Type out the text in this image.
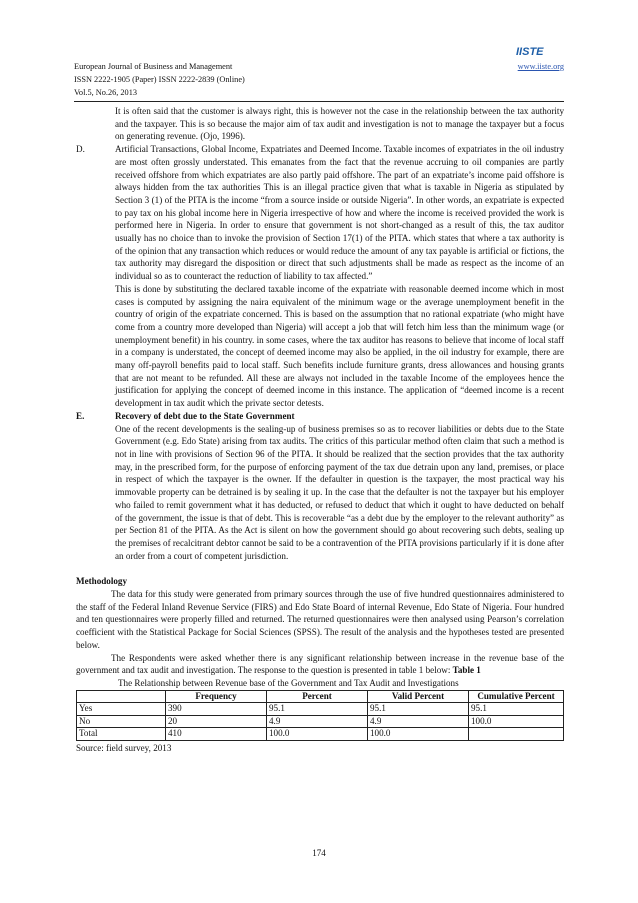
European Journal of Business and Management	www.iiste.org
ISSN 2222-1905 (Paper) ISSN 2222-2839 (Online)
Vol.5, No.26, 2013
IISTE
It is often said that the customer is always right, this is however not the case in the relationship between the tax authority and the taxpayer. This is so because the major aim of tax audit and investigation is not to manage the taxpayer but a focus on generating revenue. (Ojo, 1996).
D.	Artificial Transactions, Global Income, Expatriates and Deemed Income. Taxable incomes of expatriates in the oil industry are most often grossly understated. This emanates from the fact that the revenue accruing to oil companies are partly received offshore from which expatriates are also partly paid offshore. The part of an expatriate’s income paid offshore is always hidden from the tax authorities This is an illegal practice given that what is taxable in Nigeria as stipulated by Section 3 (1) of the PITA is the income “from a source inside or outside Nigeria”. In other words, an expatriate is expected to pay tax on his global income here in Nigeria irrespective of how and where the income is received provided the work is performed here in Nigeria. In order to ensure that government is not short-changed as a result of this, the tax auditor usually has no choice than to invoke the provision of Section 17(1) of the PITA. which states that where a tax authority is of the opinion that any transaction which reduces or would reduce the amount of any tax payable is artificial or fictions, the tax authority may disregard the disposition or direct that such adjustments shall be made as respect as the income of an individual so as to counteract the reduction of liability to tax affected.”
This is done by substituting the declared taxable income of the expatriate with reasonable deemed income which in most cases is computed by assigning the naira equivalent of the minimum wage or the average unemployment benefit in the country of origin of the expatriate concerned. This is based on the assumption that no rational expatriate (who might have come from a country more developed than Nigeria) will accept a job that will fetch him less than the minimum wage (or unemployment benefit) in his country. in some cases, where the tax auditor has reasons to believe that income of local staff in a company is understated, the concept of deemed income may also be applied, in the oil industry for example, there are many off-payroll benefits paid to local staff. Such benefits include furniture grants, dress allowances and housing grants that are not meant to be refunded. All these are always not included in the taxable Income of the employees hence the justification for applying the concept of deemed income in this instance. The application of “deemed income is a recent development in tax audit which the private sector detests.
E.	Recovery of debt due to the State Government
One of the recent developments is the sealing-up of business premises so as to recover liabilities or debts due to the State Government (e.g. Edo State) arising from tax audits. The critics of this particular method often claim that such a method is not in line with provisions of Section 96 of the PITA. It should be realized that the section provides that the tax authority may, in the prescribed form, for the purpose of enforcing payment of the tax due detrain upon any land, premises, or place in respect of which the taxpayer is the owner. If the defaulter in question is the taxpayer, the most practical way his immovable property can be detrained is by sealing it up. In the case that the defaulter is not the taxpayer but his employer who failed to remit government what it has deducted, or refused to deduct that which it ought to have deducted on behalf of the government, the issue is that of debt. This is recoverable “as a debt due by the employer to the relevant authority” as per Section 81 of the PITA. As the Act is silent on how the government should go about recovering such debts, sealing up the premises of recalcitrant debtor cannot be said to be a contravention of the PITA provisions particularly if it is done after an order from a court of competent jurisdiction.
Methodology
The data for this study were generated from primary sources through the use of five hundred questionnaires administered to the staff of the Federal Inland Revenue Service (FIRS) and Edo State Board of internal Revenue, Edo State of Nigeria. Four hundred and ten questionnaires were properly filled and returned. The returned questionnaires were then analysed using Pearson’s correlation coefficient with the Statistical Package for Social Sciences (SPSS). The result of the analysis and the hypotheses tested are presented below.
The Respondents were asked whether there is any significant relationship between increase in the revenue base of the government and tax audit and investigation. The response to the question is presented in table 1 below: Table 1
The Relationship between Revenue base of the Government and Tax Audit and Investigations
	Frequency	Percent	Valid Percent	Cumulative Percent
Yes	390	95.1	95.1	95.1
No	20	4.9	4.9	100.0
Total	410	100.0	100.0	
Source: field survey, 2013
174
